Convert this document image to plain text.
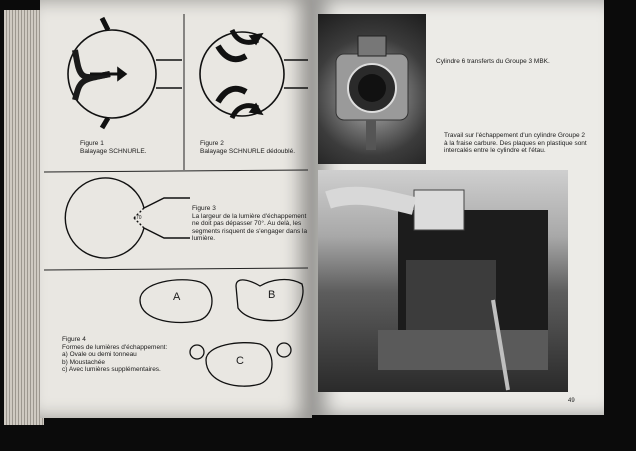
Figure 1
Balayage SCHNURLE.
Figure 2
Balayage SCHNURLE dédoublé.
Figure 3
La largeur de la lumière d'échappement ne doit pas dépasser 70°. Au delà, les segments risquent de s'engager dans la lumière.
70
Figure 4
Formes de lumières d'échappement:
a) Ovale ou demi tonneau
b) Moustachée
c) Avec lumières supplémentaires.
A	B
C
Cylindre 6 transferts du Groupe 3 MBK.
Travail sur l'échappement d'un cylindre Groupe 2 à la fraise carbure. Des plaques en plastique sont intercalés entre le cylindre et l'étau.
49
